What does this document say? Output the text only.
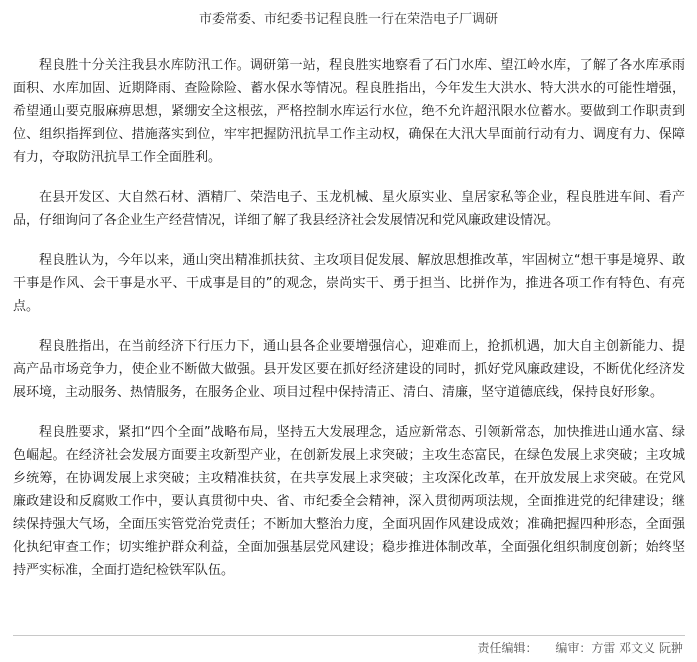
市委常委、市纪委书记程良胜一行在荣浩电子厂调研

程良胜十分关注我县水库防汛工作。调研第一站，程良胜实地察看了石门水库、望江岭水库，了解了各水库承雨面积、水库加固、近期降雨、查险除险、蓄水保水等情况。程良胜指出，今年发生大洪水、特大洪水的可能性增强，希望通山要克服麻痹思想，紧绷安全这根弦，严格控制水库运行水位，绝不允许超汛限水位蓄水。要做到工作职责到位、组织指挥到位、措施落实到位，牢牢把握防汛抗旱工作主动权，确保在大汛大旱面前行动有力、调度有力、保障有力，夺取防汛抗旱工作全面胜利。

在县开发区、大自然石材、酒精厂、荣浩电子、玉龙机械、星火原实业、皇居家私等企业，程良胜进车间、看产品，仔细询问了各企业生产经营情况，详细了解了我县经济社会发展情况和党风廉政建设情况。

程良胜认为，今年以来，通山突出精准抓扶贫、主攻项目促发展、解放思想推改革，牢固树立“想干事是境界、敢干事是作风、会干事是水平、干成事是目的”的观念，崇尚实干、勇于担当、比拼作为，推进各项工作有特色、有亮点。

程良胜指出，在当前经济下行压力下，通山县各企业要增强信心，迎难而上，抢抓机遇，加大自主创新能力、提高产品市场竞争力，使企业不断做大做强。县开发区要在抓好经济建设的同时，抓好党风廉政建设，不断优化经济发展环境，主动服务、热情服务，在服务企业、项目过程中保持清正、清白、清廉，坚守道德底线，保持良好形象。

程良胜要求，紧扣“四个全面”战略布局，坚持五大发展理念，适应新常态、引领新常态，加快推进山通水富、绿色崛起。在经济社会发展方面要主攻新型产业，在创新发展上求突破；主攻生态富民，在绿色发展上求突破；主攻城乡统筹，在协调发展上求突破；主攻精准扶贫，在共享发展上求突破；主攻深化改革，在开放发展上求突破。在党风廉政建设和反腐败工作中，要认真贯彻中央、省、市纪委全会精神，深入贯彻两项法规，全面推进党的纪律建设；继续保持强大气场，全面压实管党治党责任；不断加大整治力度，全面巩固作风建设成效；准确把握四种形态，全面强化执纪审查工作；切实维护群众利益，全面加强基层党风建设；稳步推进体制改革，全面强化组织制度创新；始终坚持严实标准，全面打造纪检铁军队伍。

责任编辑： 编审：方雷 邓文义 阮翀
